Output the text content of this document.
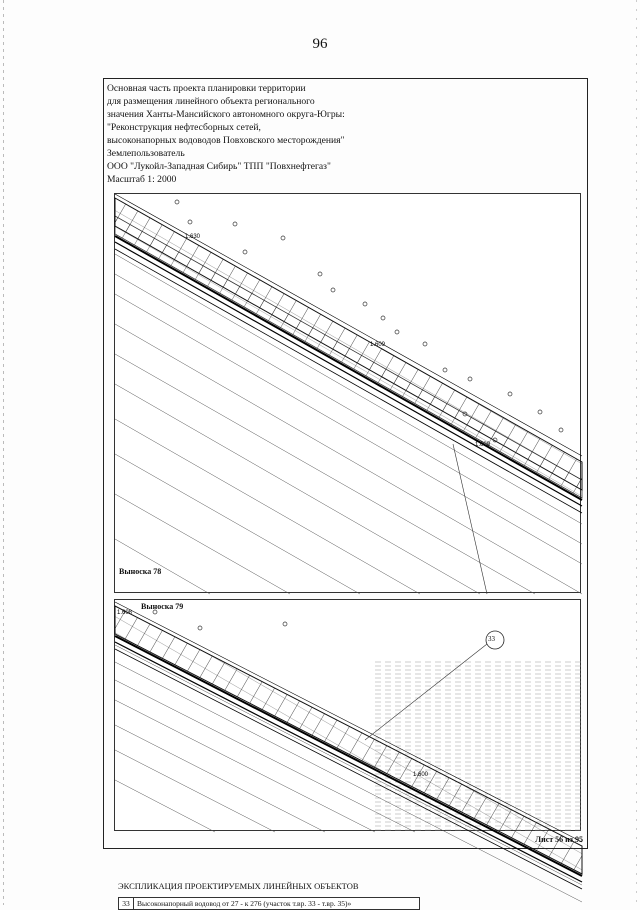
96
Основная часть проекта планировки территории
для размещения линейного объекта регионального
значения Ханты-Мансийского автономного округа-Югры:
"Реконструкция нефтесборных сетей,
высоконапорных водоводов Повховского месторождения"
Землепользователь
ООО "Лукойл-Западная Сибирь" ТПП "Повхнефтегаз"
Масштаб 1: 2000
1.630
1.609
1.609
Выноска 78
1.608
1.600
Выноска 79
33
ЭКСПЛИКАЦИЯ ПРОЕКТИРУЕМЫХ ЛИНЕЙНЫХ ОБЪЕКТОВ
33 Высоконапорный водовод от 27 - к 276 (участок т.вр. 33 - т.вр. 35)»
Лист 56 из 95
